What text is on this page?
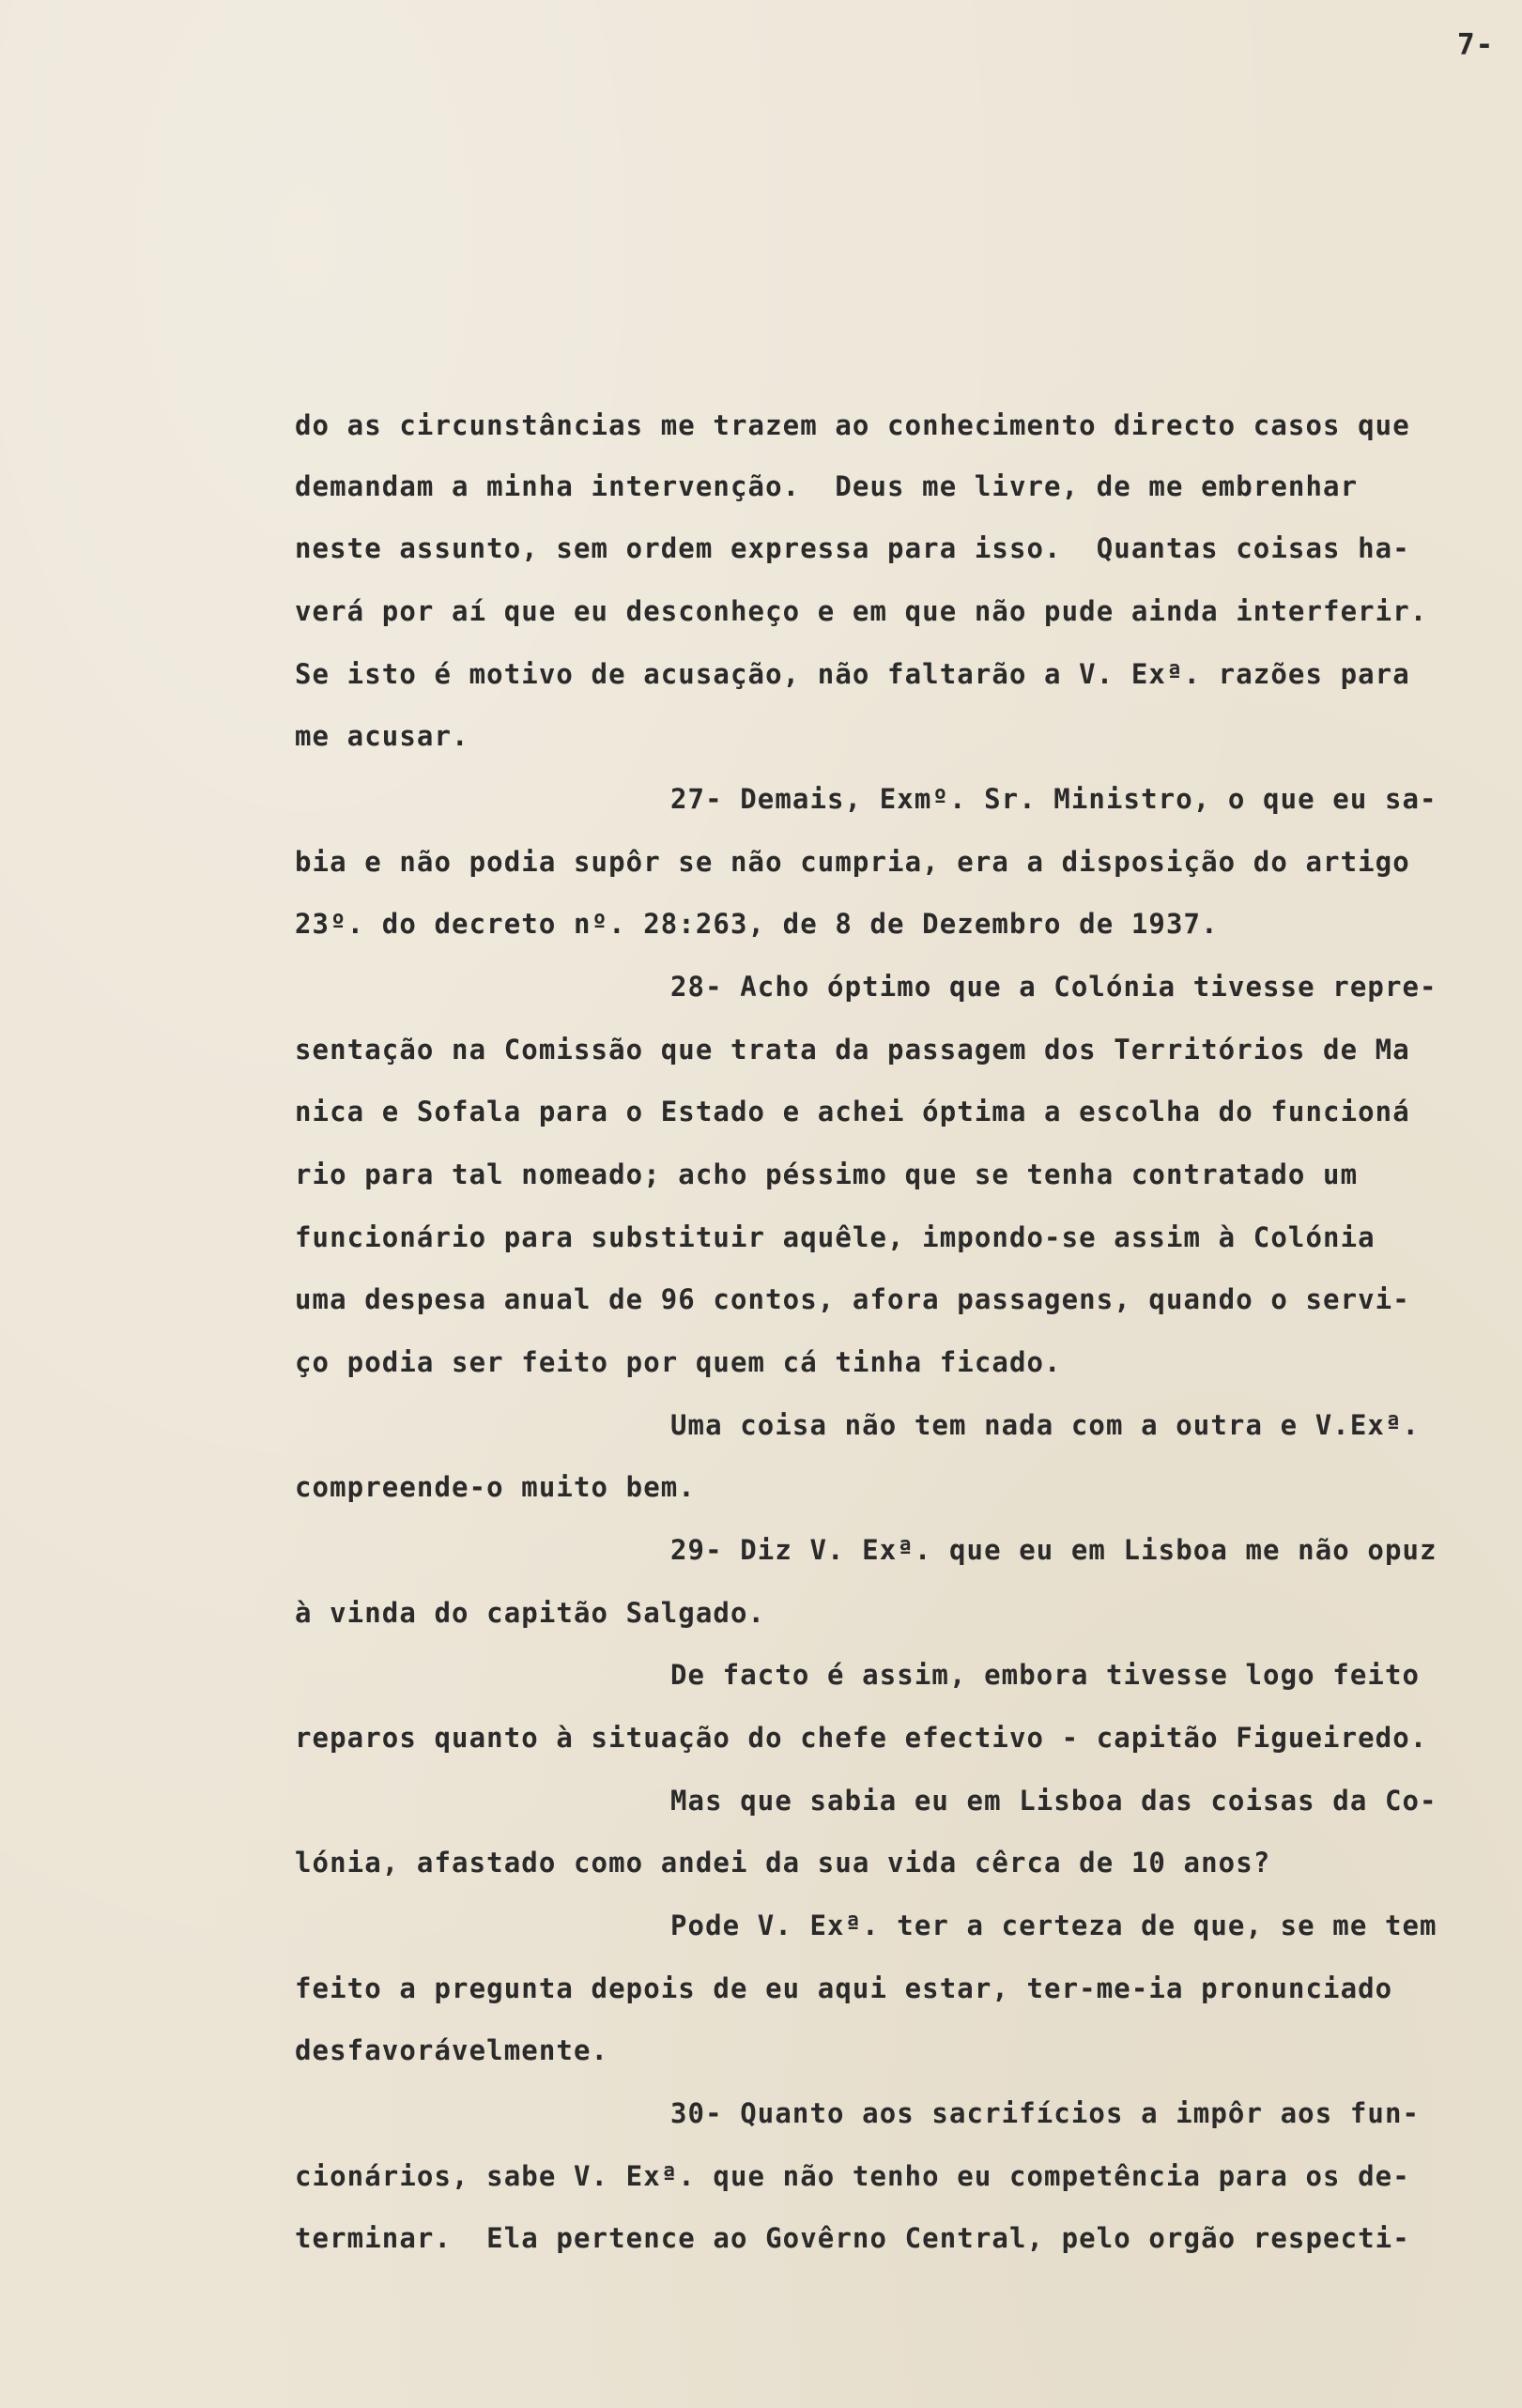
7-
do as circunstâncias me trazem ao conhecimento directo casos que
demandam a minha intervenção.  Deus me livre, de me embrenhar
neste assunto, sem ordem expressa para isso.  Quantas coisas ha-
verá por aí que eu desconheço e em que não pude ainda interferir.
Se isto é motivo de acusação, não faltarão a V. Exª. razões para
me acusar.
27- Demais, Exmº. Sr. Ministro, o que eu sa-
bia e não podia supôr se não cumpria, era a disposição do artigo
23º. do decreto nº. 28:263, de 8 de Dezembro de 1937.
28- Acho óptimo que a Colónia tivesse repre-
sentação na Comissão que trata da passagem dos Territórios de Ma
nica e Sofala para o Estado e achei óptima a escolha do funcioná
rio para tal nomeado; acho péssimo que se tenha contratado um
funcionário para substituir aquêle, impondo-se assim à Colónia
uma despesa anual de 96 contos, afora passagens, quando o servi-
ço podia ser feito por quem cá tinha ficado.
Uma coisa não tem nada com a outra e V.Exª.
compreende-o muito bem.
29- Diz V. Exª. que eu em Lisboa me não opuz
à vinda do capitão Salgado.
De facto é assim, embora tivesse logo feito
reparos quanto à situação do chefe efectivo - capitão Figueiredo.
Mas que sabia eu em Lisboa das coisas da Co-
lónia, afastado como andei da sua vida cêrca de 10 anos?
Pode V. Exª. ter a certeza de que, se me tem
feito a pregunta depois de eu aqui estar, ter-me-ia pronunciado
desfavorávelmente.
30- Quanto aos sacrifícios a impôr aos fun-
cionários, sabe V. Exª. que não tenho eu competência para os de-
terminar.  Ela pertence ao Govêrno Central, pelo orgão respecti-
